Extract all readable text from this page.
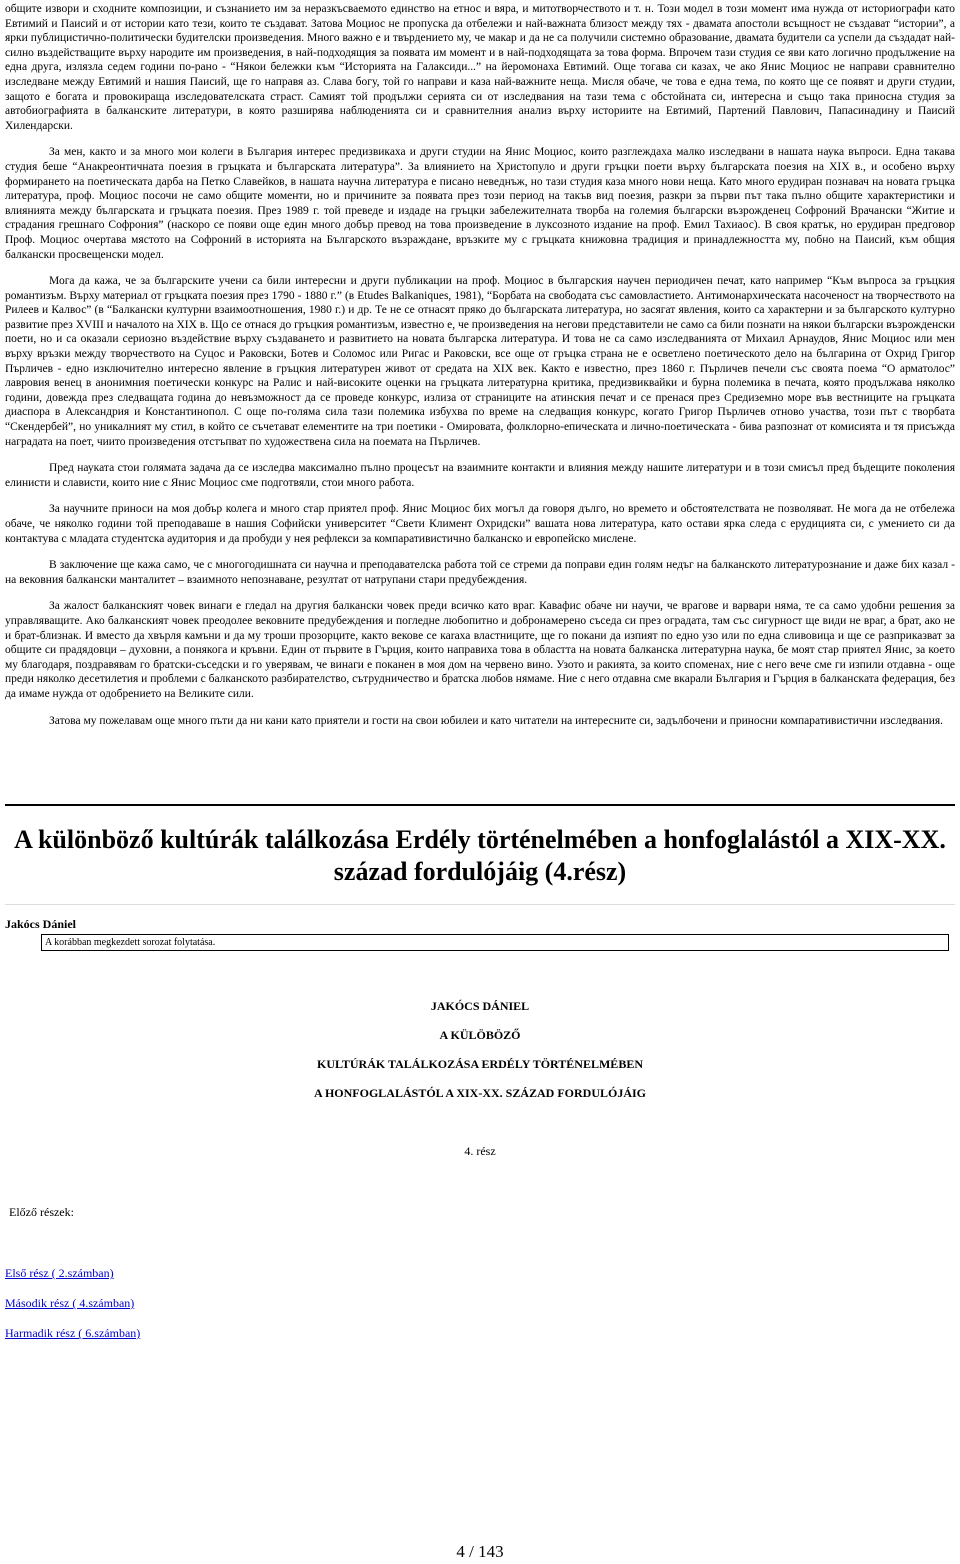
общите извори и сходните композиции, и съзнанието им за неразкъсваемото единство на етнос и вяра, и митотворчеството и т. н. Този модел в този момент има нужда от историографи като Евтимий и Паисий и от истории като тези, които те създават. Затова Моциос не пропуска да отбележи и най-важната близост между тях - двамата апостоли всъщност не създават “истории”, а ярки публицистично-политически будителски произведения. Много важно е и твърдението му, че макар и да не са получили системно образование, двамата будители са успели да създадат най-силно въздействащите върху народите им произведения, в най-подходящия за появата им момент и в най-подходящата за това форма. Впрочем тази студия се яви като логично продължение на една друга, излязла седем години по-рано - “Някои бележки към “Историята на Галаксиди...” на йеромонаха Евтимий. Още тогава си казах, че ако Янис Моциос не направи сравнително изследване между Евтимий и нашия Паисий, ще го направя аз. Слава богу, той го направи и каза най-важните неща. Мисля обаче, че това е една тема, по която ще се появят и други студии, защото е богата и провокираща изследователската страст. Самият той продължи серията си от изследвания на тази тема с обстойната си, интересна и също така приносна студия за автобиографията в балканските литератури, в която разширява наблюденията си и сравнителния анализ върху историите на Евтимий, Партений Павлович, Папасинадину и Паисий Хилендарски.

За мен, както и за много мои колеги в България интерес предизвикаха и други студии на Янис Моциос, които разглеждаха малко изследвани в нашата наука въпроси. Една такава студия беше “Анакреонтичната поезия в гръцката и българската литература”. За влиянието на Христопуло и други гръцки поети върху българската поезия на XIX в., и особено върху формирането на поетическата дарба на Петко Славейков, в нашата научна литература е писано неведнъж, но тази студия каза много нови неща. Като много ерудиран познавач на новата гръцка литература, проф. Моциос посочи не само общите моменти, но и причините за появата през този период на такъв вид поезия, разкри за първи път така пълно общите характеристики и влиянията между българската и гръцката поезия. През 1989 г. той преведе и издаде на гръцки забележителната творба на големия български възрожденец Софроний Врачански “Житие и страдания грешнаго Софрония” (наскоро се появи още един много добър превод на това произведение в луксозното издание на проф. Емил Тахиаос). В своя кратък, но ерудиран предговор Проф. Моциос очертава мястото на Софроний в историята на Българското възраждане, връзките му с гръцката книжовна традиция и принадлежността му, побно на Паисий, към общия балкански просвещенски модел.

Мога да кажа, че за българските учени са били интересни и други публикации на проф. Моциос в българския научен периодичен печат, като например “Към въпроса за гръцкия романтизъм. Върху материал от гръцката поезия през 1790 - 1880 г.” (в Etudes Balkaniques, 1981), “Борбата на свободата със самовластието. Антимонархическата насоченост на творчеството на Рилеев и Калвос” (в “Балкански културни взаимоотношения, 1980 г.) и др. Те не се отнасят пряко до българската литература, но засягат явления, които са характерни и за българското културно развитие през XVIII и началото на XIX в. Що се отнася до гръцкия романтизъм, известно е, че произведения на негови представители не само са били познати на някои български възрожденски поети, но и са оказали сериозно въздействие върху създаването и развитието на новата българска литература. И това не са само изследванията от Михаил Арнаудов, Янис Моциос или мен върху връзки между творчеството на Суцос и Раковски, Ботев и Соломос или Ригас и Раковски, все още от гръцка страна не е осветлено поетическото дело на българина от Охрид Григор Пърличев - едно изключително интересно явление в гръцкия литературен живот от средата на XIX век. Както е известно, през 1860 г. Пърличев печели със своята поема “О арматолос” лавровия венец в анонимния поетически конкурс на Ралис и най-високите оценки на гръцката литературна критика, предизвиквайки и бурна полемика в печата, която продължава няколко години, довежда през следващата година до невъзможност да се проведе конкурс, излиза от страниците на атинския печат и се пренася през Средиземно море във вестниците на гръцката диаспора в Александрия и Константинопол. С още по-голяма сила тази полемика избухва по време на следващия конкурс, когато Григор Пърличев отново участва, този път с творбата “Скендербей”, но уникалният му стил, в който се съчетават елементите на три поетики - Омировата, фолклорно-епическата и лично-поетическата - бива разпознат от комисията и тя присъжда наградата на поет, чиито произведения отстъпват по художествена сила на поемата на Пърличев.

Пред науката стои голямата задача да се изследва максимално пълно процесът на взаимните контакти и влияния между нашите литератури и в този смисъл пред бъдещите поколения елинисти и слависти, които ние с Янис Моциос сме подготвяли, стои много работа.

За научните приноси на моя добър колега и много стар приятел проф. Янис Моциос бих могъл да говоря дълго, но времето и обстоятелствата не позволяват. Не мога да не отбележа обаче, че няколко години той преподаваше в нашия Софийски университет “Свети Климент Охридски” вашата нова литература, като остави ярка следа с ерудицията си, с умението си да контактува с младата студентска аудитория и да пробуди у нея рефлекси за компаративистично балканско и европейско мислене.

В заключение ще кажа само, че с многогодишната си научна и преподавателска работа той се стреми да поправи един голям недъг на балканското литературознание и даже бих казал - на вековния балкански манталитет – взаимното непознаване, резултат от натрупани стари предубеждения.

За жалост балканският човек винаги е гледал на другия балкански човек преди всичко като враг. Кавафис обаче ни научи, че врагове и варвари няма, те са само удобни решения за управляващите. Ако балканският човек преодолее вековните предубеждения и погледне любопитно и добронамерено съседа си през оградата, там със сигурност ще види не враг, а брат, ако не и брат-близнак. И вместо да хвърля камъни и да му троши прозорците, както вековe се каraха властниците, ще го покани да изпият по едно узо или по една сливовица и ще се разприказват за общите си прадядовци – духовни, а понякога и кръвни. Един от първите в Гърция, които направиха това в областта на новата балканска литературна наука, бе моят стар приятел Янис, за което му благодаря, поздравявам го братски-съседски и го уверявам, че винаги е поканен в моя дом на червено вино. Узото и ракията, за които споменах, ние с него вече сме ги изпили отдавна - още преди няколко десетилетия и проблеми с балканското разбирателство, сътрудничество и братска любов нямаме. Ние с него отдавна сме вкарали България и Гърция в балканската федерация, без да имаме нужда от одобрението на Великите сили.

Затова му пожелавам още много пъти да ни кани като приятели и гости на свои юбилеи и като читатели на интересните си, задълбочени и приносни компаративистични изследвания.

A különböző kultúrák találkozása Erdély történelmében a honfoglalástól a XIX-XX. század fordulójáig (4.rész)
Jakócs Dániel
A korábban megkezdett sorozat folytatása.

JAKÓCS DÁNIEL

A KÜLÖBÖZŐ

KULTÚRÁK TALÁLKOZÁSA ERDÉLY TÖRTÉNELMÉBEN

A HONFOGLALÁSTÓL A XIX-XX. SZÁZAD FORDULÓJÁIG

4. rész
Előző részek:
Első rész ( 2.számban)
Második rész ( 4.számban)
Harmadik rész ( 6.számban)
4 / 143
